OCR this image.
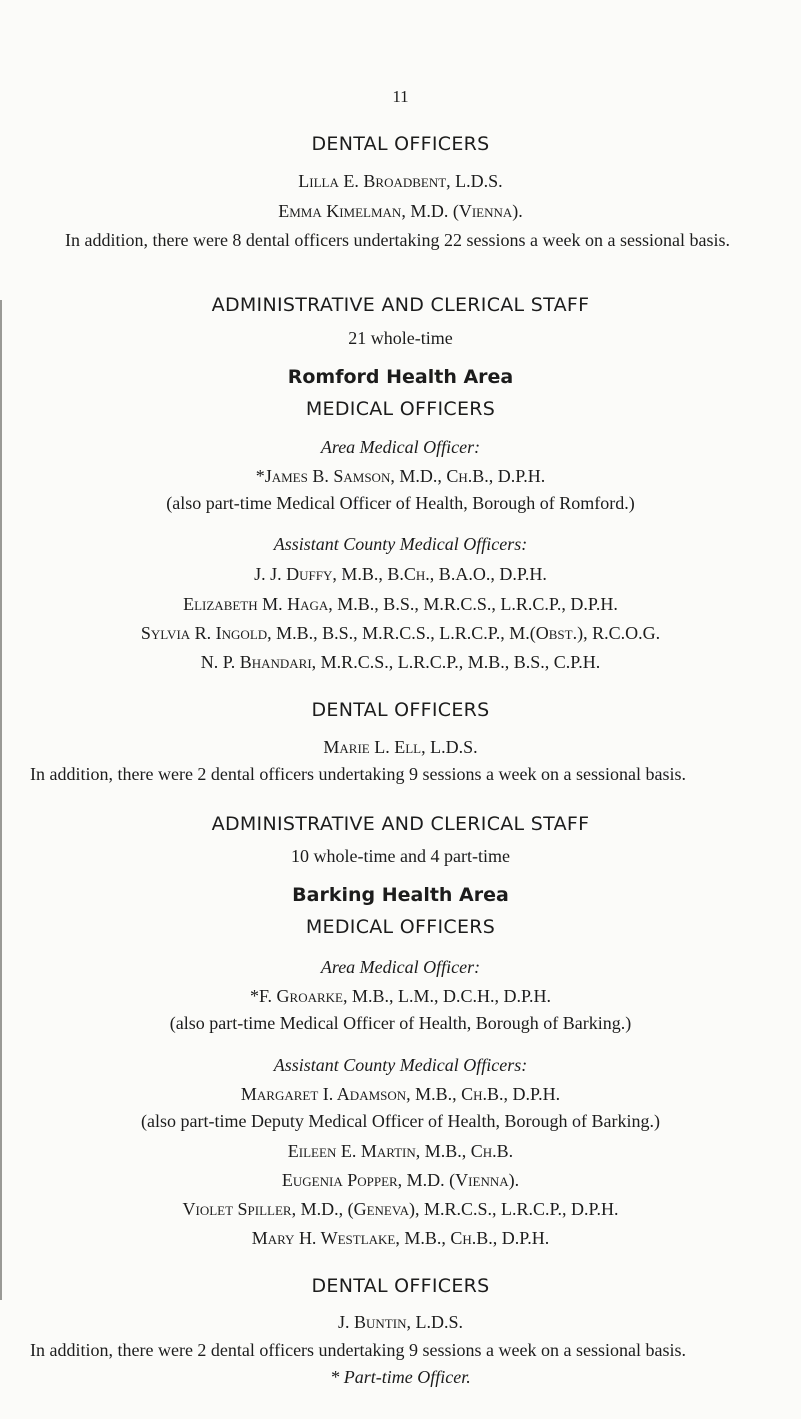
11
DENTAL OFFICERS
Lilla E. Broadbent, L.D.S.
Emma Kimelman, M.D. (Vienna).
In addition, there were 8 dental officers undertaking 22 sessions a week on a sessional basis.
ADMINISTRATIVE AND CLERICAL STAFF
21 whole-time
Romford Health Area
MEDICAL OFFICERS
Area Medical Officer:
*James B. Samson, M.D., Ch.B., D.P.H.
(also part-time Medical Officer of Health, Borough of Romford.)
Assistant County Medical Officers:
J. J. Duffy, M.B., B.Ch., B.A.O., D.P.H.
Elizabeth M. Haga, M.B., B.S., M.R.C.S., L.R.C.P., D.P.H.
Sylvia R. Ingold, M.B., B.S., M.R.C.S., L.R.C.P., M.(Obst.), R.C.O.G.
N. P. Bhandari, M.R.C.S., L.R.C.P., M.B., B.S., C.P.H.
DENTAL OFFICERS
Marie L. Ell, L.D.S.
In addition, there were 2 dental officers undertaking 9 sessions a week on a sessional basis.
ADMINISTRATIVE AND CLERICAL STAFF
10 whole-time and 4 part-time
Barking Health Area
MEDICAL OFFICERS
Area Medical Officer:
*F. Groarke, M.B., L.M., D.C.H., D.P.H.
(also part-time Medical Officer of Health, Borough of Barking.)
Assistant County Medical Officers:
Margaret I. Adamson, M.B., Ch.B., D.P.H.
(also part-time Deputy Medical Officer of Health, Borough of Barking.)
Eileen E. Martin, M.B., Ch.B.
Eugenia Popper, M.D. (Vienna).
Violet Spiller, M.D., (Geneva), M.R.C.S., L.R.C.P., D.P.H.
Mary H. Westlake, M.B., Ch.B., D.P.H.
DENTAL OFFICERS
J. Buntin, L.D.S.
In addition, there were 2 dental officers undertaking 9 sessions a week on a sessional basis.
* Part-time Officer.
